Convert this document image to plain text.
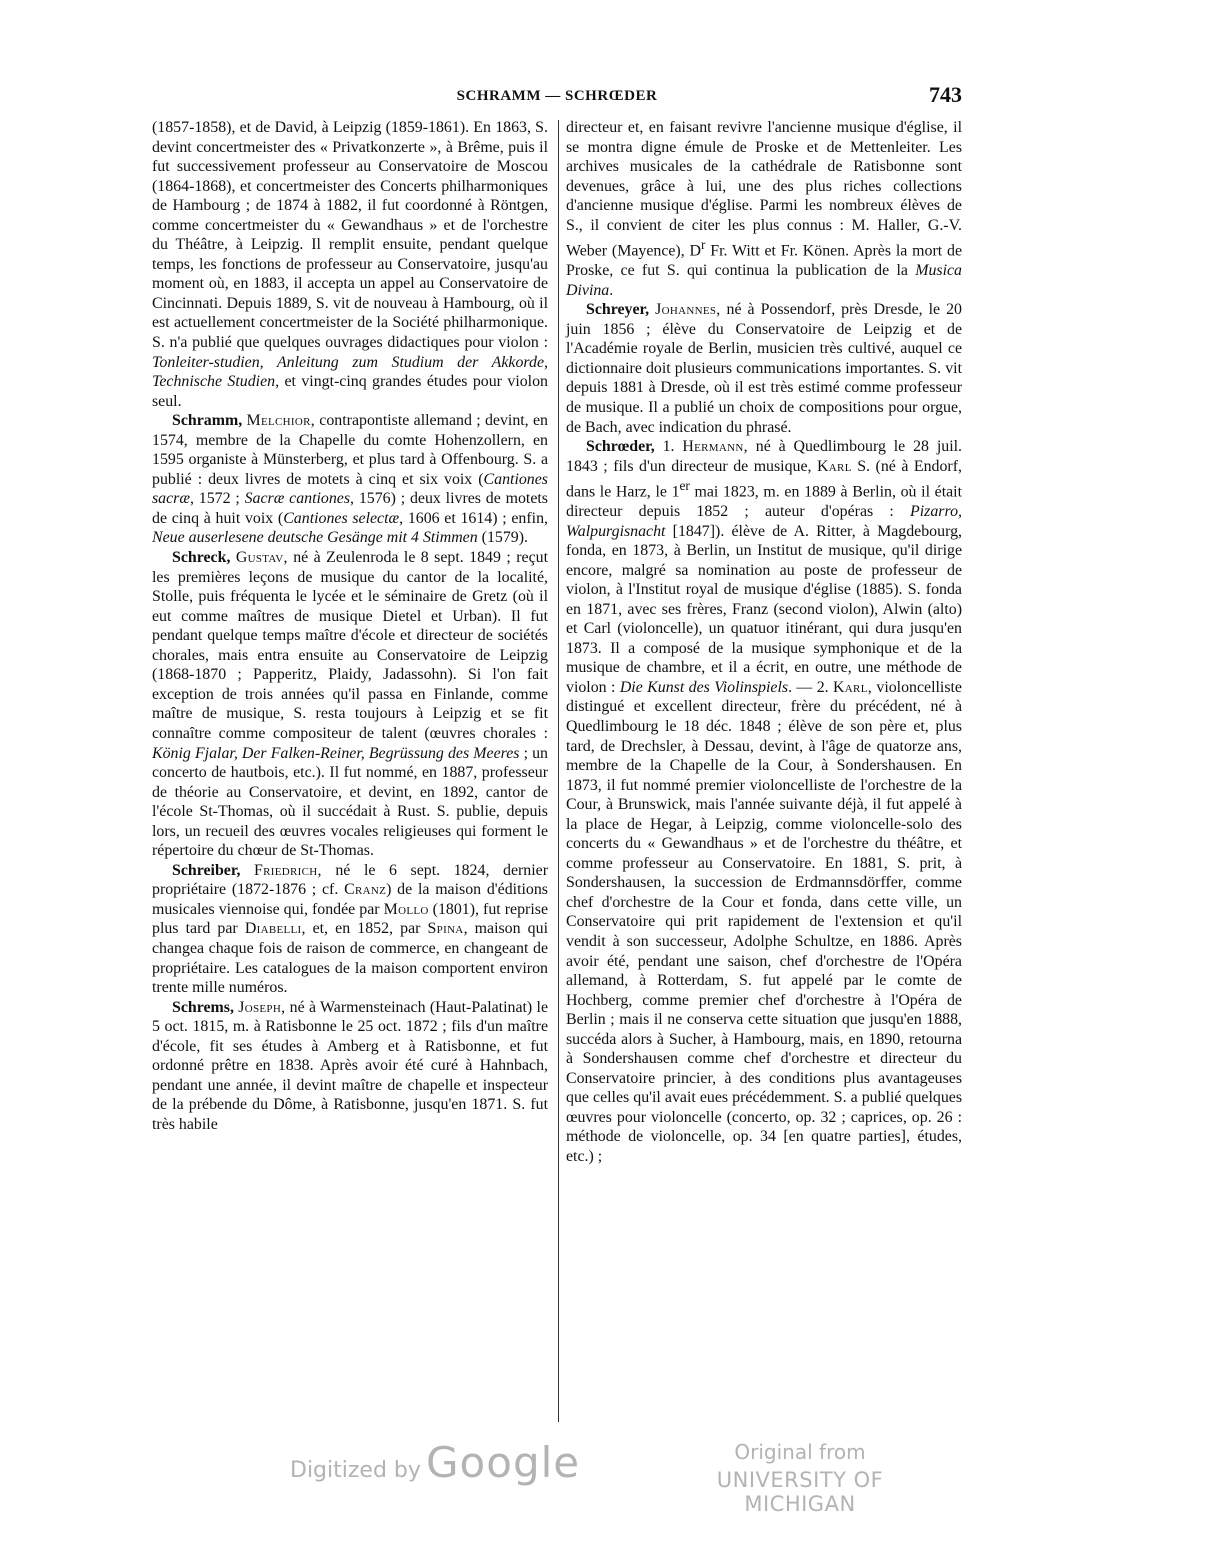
SCHRAMM — SCHRŒDER	743

(1857-1858), et de David, à Leipzig (1859-1861). En 1863, S. devint concertmeister des « Privatkonzerte », à Brême, puis il fut successivement professeur au Conservatoire de Moscou (1864-1868), et concertmeister des Concerts philharmoniques de Hambourg ; de 1874 à 1882, il fut coordonné à Röntgen, comme concertmeister du « Gewandhaus » et de l'orchestre du Théâtre, à Leipzig. Il remplit ensuite, pendant quelque temps, les fonctions de professeur au Conservatoire, jusqu'au moment où, en 1883, il accepta un appel au Conservatoire de Cincinnati. Depuis 1889, S. vit de nouveau à Hambourg, où il est actuellement concertmeister de la Société philharmonique. S. n'a publié que quelques ouvrages didactiques pour violon : Tonleiter-studien, Anleitung zum Studium der Akkorde, Technische Studien, et vingt-cinq grandes études pour violon seul.

Schramm, Melchior, contrapontiste allemand ; devint, en 1574, membre de la Chapelle du comte Hohenzollern, en 1595 organiste à Münsterberg, et plus tard à Offenbourg. S. a publié : deux livres de motets à cinq et six voix (Cantiones sacræ, 1572 ; Sacræ cantiones, 1576) ; deux livres de motets de cinq à huit voix (Cantiones selectæ, 1606 et 1614) ; enfin, Neue auserlesene deutsche Gesänge mit 4 Stimmen (1579).

Schreck, Gustav, né à Zeulenroda le 8 sept. 1849 ; reçut les premières leçons de musique du cantor de la localité, Stolle, puis fréquenta le lycée et le séminaire de Gretz (où il eut comme maîtres de musique Dietel et Urban). Il fut pendant quelque temps maître d'école et directeur de sociétés chorales, mais entra ensuite au Conservatoire de Leipzig (1868-1870 ; Papperitz, Plaidy, Jadassohn). Si l'on fait exception de trois années qu'il passa en Finlande, comme maître de musique, S. resta toujours à Leipzig et se fit connaître comme compositeur de talent (œuvres chorales : König Fjalar, Der Falken-Reiner, Begrüssung des Meeres ; un concerto de hautbois, etc.). Il fut nommé, en 1887, professeur de théorie au Conservatoire, et devint, en 1892, cantor de l'école St-Thomas, où il succédait à Rust. S. publie, depuis lors, un recueil des œuvres vocales religieuses qui forment le répertoire du chœur de St-Thomas.

Schreiber, Friedrich, né le 6 sept. 1824, dernier propriétaire (1872-1876 ; cf. Cranz) de la maison d'éditions musicales viennoise qui, fondée par Mollo (1801), fut reprise plus tard par Diabelli, et, en 1852, par Spina, maison qui changea chaque fois de raison de commerce, en changeant de propriétaire. Les catalogues de la maison comportent environ trente mille numéros.

Schrems, Joseph, né à Warmensteinach (Haut-Palatinat) le 5 oct. 1815, m. à Ratisbonne le 25 oct. 1872 ; fils d'un maître d'école, fit ses études à Amberg et à Ratisbonne, et fut ordonné prêtre en 1838. Après avoir été curé à Hahnbach, pendant une année, il devint maître de chapelle et inspecteur de la prébende du Dôme, à Ratisbonne, jusqu'en 1871. S. fut très habile

directeur et, en faisant revivre l'ancienne musique d'église, il se montra digne émule de Proske et de Mettenleiter. Les archives musicales de la cathédrale de Ratisbonne sont devenues, grâce à lui, une des plus riches collections d'ancienne musique d'église. Parmi les nombreux élèves de S., il convient de citer les plus connus : M. Haller, G.-V. Weber (Mayence), $D^r$ Fr. Witt et Fr. Könen. Après la mort de Proske, ce fut S. qui continua la publication de la Musica Divina.

Schreyer, Johannes, né à Possendorf, près Dresde, le 20 juin 1856 ; élève du Conservatoire de Leipzig et de l'Académie royale de Berlin, musicien très cultivé, auquel ce dictionnaire doit plusieurs communications importantes. S. vit depuis 1881 à Dresde, où il est très estimé comme professeur de musique. Il a publié un choix de compositions pour orgue, de Bach, avec indication du phrasé.

Schrœder, 1. Hermann, né à Quedlimbourg le 28 juil. 1843 ; fils d'un directeur de musique, Karl S. (né à Endorf, dans le Harz, le 1er mai 1823, m. en 1889 à Berlin, où il était directeur depuis 1852 ; auteur d'opéras : Pizarro, Walpurgisnacht [1847]). élève de A. Ritter, à Magdebourg, fonda, en 1873, à Berlin, un Institut de musique, qu'il dirige encore, malgré sa nomination au poste de professeur de violon, à l'Institut royal de musique d'église (1885). S. fonda en 1871, avec ses frères, Franz (second violon), Alwin (alto) et Carl (violoncelle), un quatuor itinérant, qui dura jusqu'en 1873. Il a composé de la musique symphonique et de la musique de chambre, et il a écrit, en outre, une méthode de violon : Die Kunst des Violinspiels. — 2. Karl, violoncelliste distingué et excellent directeur, frère du précédent, né à Quedlimbourg le 18 déc. 1848 ; élève de son père et, plus tard, de Drechsler, à Dessau, devint, à l'âge de quatorze ans, membre de la Chapelle de la Cour, à Sondershausen. En 1873, il fut nommé premier violoncelliste de l'orchestre de la Cour, à Brunswick, mais l'année suivante déjà, il fut appelé à la place de Hegar, à Leipzig, comme violoncelle-solo des concerts du « Gewandhaus » et de l'orchestre du théâtre, et comme professeur au Conservatoire. En 1881, S. prit, à Sondershausen, la succession de Erdmannsdörffer, comme chef d'orchestre de la Cour et fonda, dans cette ville, un Conservatoire qui prit rapidement de l'extension et qu'il vendit à son successeur, Adolphe Schultze, en 1886. Après avoir été, pendant une saison, chef d'orchestre de l'Opéra allemand, à Rotterdam, S. fut appelé par le comte de Hochberg, comme premier chef d'orchestre à l'Opéra de Berlin ; mais il ne conserva cette situation que jusqu'en 1888, succéda alors à Sucher, à Hambourg, mais, en 1890, retourna à Sondershausen comme chef d'orchestre et directeur du Conservatoire princier, à des conditions plus avantageuses que celles qu'il avait eues précédemment. S. a publié quelques œuvres pour violoncelle (concerto, op. 32 ; caprices, op. 26 : méthode de violoncelle, op. 34 [en quatre parties], études, etc.) ;

Digitized by Google	Original from
UNIVERSITY OF MICHIGAN
